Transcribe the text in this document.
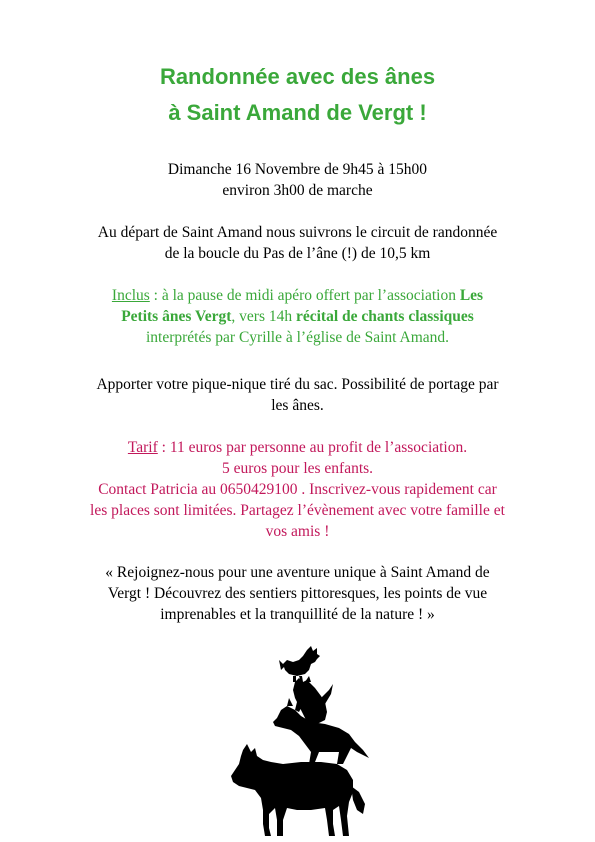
Randonnée avec des ânes
à Saint Amand de Vergt !
Dimanche 16 Novembre de 9h45 à 15h00
environ 3h00 de marche
Au départ de Saint Amand nous suivrons le circuit de randonnée
de la boucle du Pas de l’âne (!) de 10,5 km
Inclus : à la pause de midi apéro offert par l’association Les
Petits ânes Vergt, vers 14h récital de chants classiques
interprétés par Cyrille à l’église de Saint Amand.
Apporter votre pique-nique tiré du sac. Possibilité de portage par
les ânes.
Tarif : 11 euros par personne au profit de l’association.
5 euros pour les enfants.
Contact Patricia au 0650429100 . Inscrivez-vous rapidement car
les places sont limitées. Partagez l’évènement avec votre famille et
vos amis !
« Rejoignez-nous pour une aventure unique à Saint Amand de
Vergt ! Découvrez des sentiers pittoresques, les points de vue
imprenables et la tranquillité de la nature ! »
